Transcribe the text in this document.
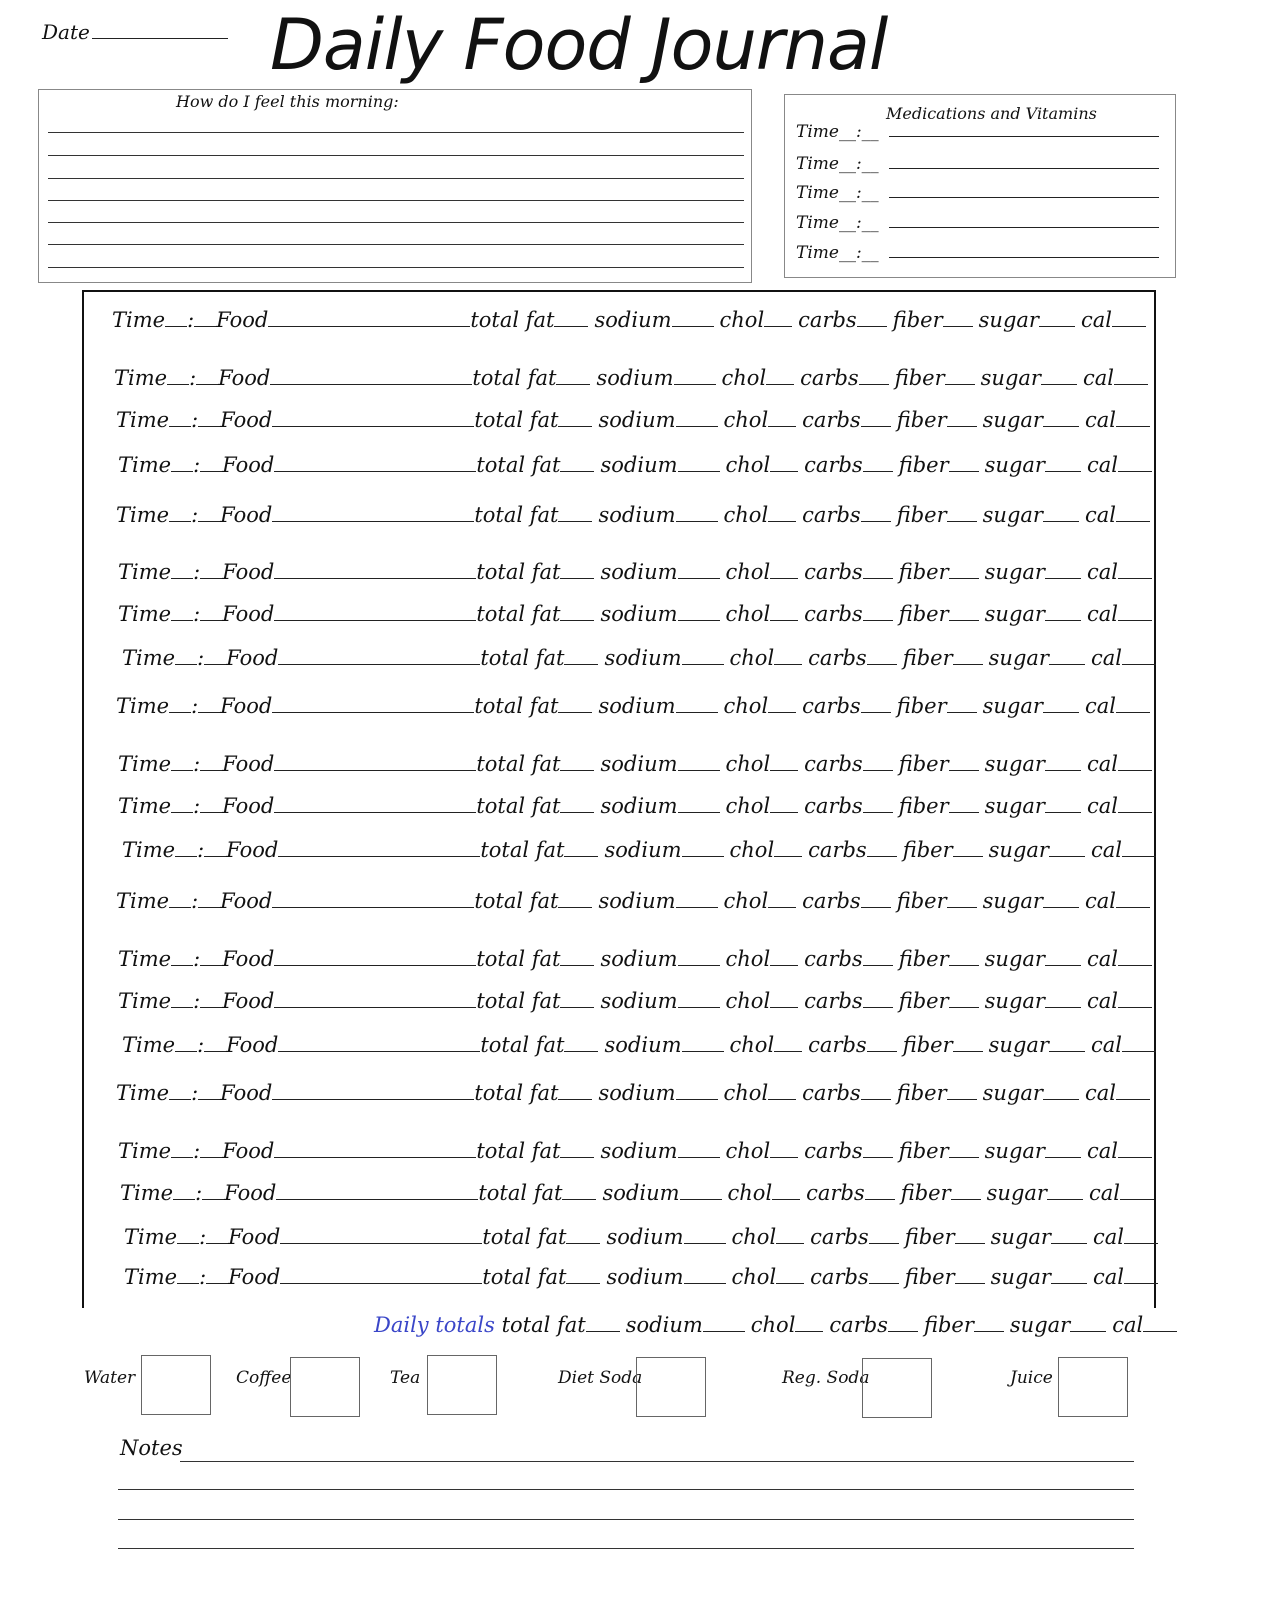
Date	Daily Food Journal
How do I feel this morning:
Medications and Vitamins
Time__:__
Time__:__
Time__:__
Time__:__
Time__:__
Time : Food	total fat sodium chol carbs fiber sugar cal
Time : Food	total fat sodium chol carbs fiber sugar cal
Time : Food	total fat sodium chol carbs fiber sugar cal
Time : Food	total fat sodium chol carbs fiber sugar cal
Time : Food	total fat sodium chol carbs fiber sugar cal
Time : Food	total fat sodium chol carbs fiber sugar cal
Time : Food	total fat sodium chol carbs fiber sugar cal
Time : Food	total fat sodium chol carbs fiber sugar cal
Time : Food	total fat sodium chol carbs fiber sugar cal
Time : Food	total fat sodium chol carbs fiber sugar cal
Time : Food	total fat sodium chol carbs fiber sugar cal
Time : Food	total fat sodium chol carbs fiber sugar cal
Time : Food	total fat sodium chol carbs fiber sugar cal
Time : Food	total fat sodium chol carbs fiber sugar cal
Time : Food	total fat sodium chol carbs fiber sugar cal
Time : Food	total fat sodium chol carbs fiber sugar cal
Time : Food	total fat sodium chol carbs fiber sugar cal
Time : Food	total fat sodium chol carbs fiber sugar cal
Time : Food	total fat sodium chol carbs fiber sugar cal
Time : Food	total fat sodium chol carbs fiber sugar cal
Time : Food	total fat sodium chol carbs fiber sugar cal
Daily totals total fat sodium chol carbs fiber sugar cal
Water	Coffee	Tea	Diet Soda	Reg. Soda	Juice
Notes
